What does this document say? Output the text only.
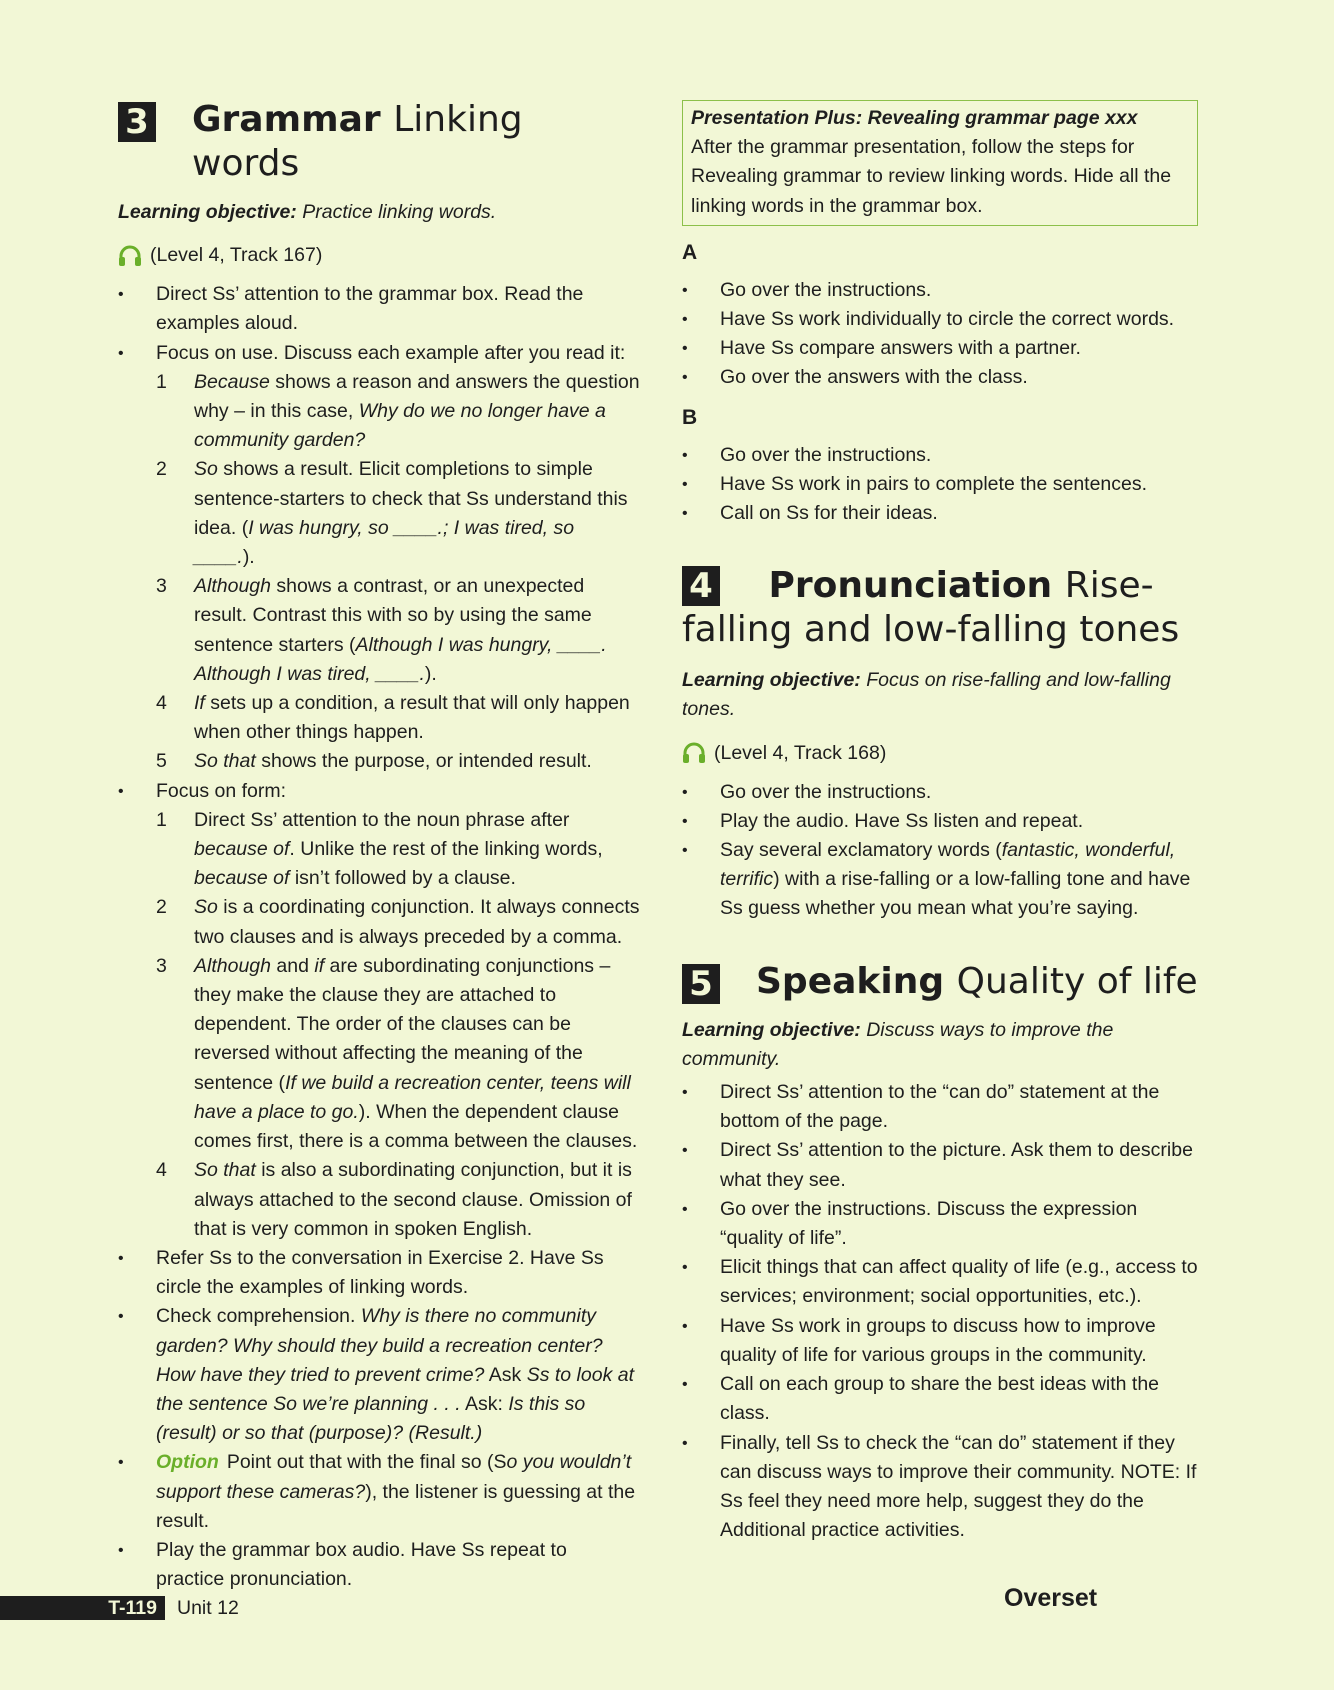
3 Grammar Linking words

Learning objective: Practice linking words.

(Level 4, Track 167)
• Direct Ss’ attention to the grammar box. Read the examples aloud.
• Focus on use. Discuss each example after you read it:
1 Because shows a reason and answers the question why – in this case, Why do we no longer have a community garden?
2 So shows a result. Elicit completions to simple sentence-starters to check that Ss understand this idea. (I was hungry, so ____.; I was tired, so ____.).
3 Although shows a contrast, or an unexpected result. Contrast this with so by using the same sentence starters (Although I was hungry, ____. Although I was tired, ____.).
4 If sets up a condition, a result that will only happen when other things happen.
5 So that shows the purpose, or intended result.
• Focus on form:
1 Direct Ss’ attention to the noun phrase after because of. Unlike the rest of the linking words, because of isn’t followed by a clause.
2 So is a coordinating conjunction. It always connects two clauses and is always preceded by a comma.
3 Although and if are subordinating conjunctions – they make the clause they are attached to dependent. The order of the clauses can be reversed without affecting the meaning of the sentence (If we build a recreation center, teens will have a place to go.). When the dependent clause comes first, there is a comma between the clauses.
4 So that is also a subordinating conjunction, but it is always attached to the second clause. Omission of that is very common in spoken English.
• Refer Ss to the conversation in Exercise 2. Have Ss circle the examples of linking words.
• Check comprehension. Why is there no community garden? Why should they build a recreation center? How have they tried to prevent crime? Ask Ss to look at the sentence So we’re planning . . . Ask: Is this so (result) or so that (purpose)? (Result.)
• Option Point out that with the final so (So you wouldn’t support these cameras?), the listener is guessing at the result.
• Play the grammar box audio. Have Ss repeat to practice pronunciation.

Presentation Plus: Revealing grammar page xxx

After the grammar presentation, follow the steps for Revealing grammar to review linking words. Hide all the linking words in the grammar box.

A
• Go over the instructions.
• Have Ss work individually to circle the correct words.
• Have Ss compare answers with a partner.
• Go over the answers with the class.
B
• Go over the instructions.
• Have Ss work in pairs to complete the sentences.
• Call on Ss for their ideas.
4 Pronunciation Rise-falling and low-falling tones

Learning objective: Focus on rise-falling and low-falling tones.

(Level 4, Track 168)
• Go over the instructions.
• Play the audio. Have Ss listen and repeat.
• Say several exclamatory words (fantastic, wonderful, terrific) with a rise-falling or a low-falling tone and have Ss guess whether you mean what you’re saying.
5 Speaking Quality of life

Learning objective: Discuss ways to improve the community.

• Direct Ss’ attention to the “can do” statement at the bottom of the page.
• Direct Ss’ attention to the picture. Ask them to describe what they see.
• Go over the instructions. Discuss the expression “quality of life”.
• Elicit things that can affect quality of life (e.g., access to services; environment; social opportunities, etc.).
• Have Ss work in groups to discuss how to improve quality of life for various groups in the community.
• Call on each group to share the best ideas with the class.
• Finally, tell Ss to check the “can do” statement if they can discuss ways to improve their community. NOTE: If Ss feel they need more help, suggest they do the Additional practice activities.
T-119	Unit 12	Overset
